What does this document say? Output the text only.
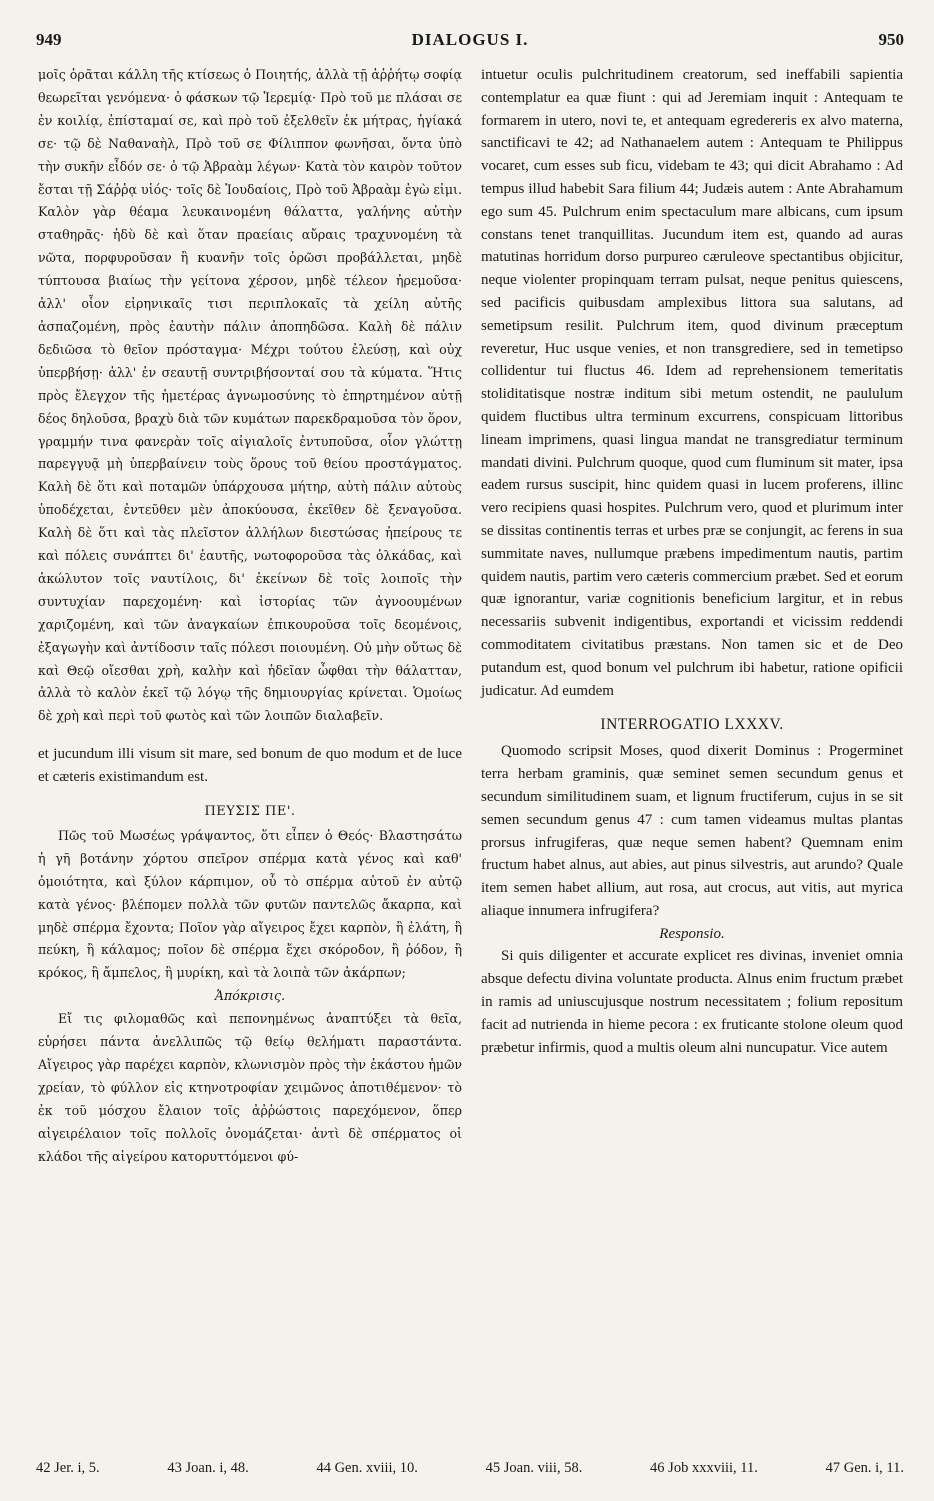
949	DIALOGUS I.	950

μοῖς ὁρᾶται κάλλη τῆς κτίσεως ὁ Ποιητής, ἀλλὰ τῇ ἀῤῥήτῳ σοφίᾳ θεωρεῖται γενόμενα· ὁ φάσκων τῷ Ἱερεμίᾳ· Πρὸ τοῦ με πλάσαι σε ἐν κοιλίᾳ, ἐπίσταμαί σε, καὶ πρὸ τοῦ ἐξελθεῖν ἐκ μήτρας, ἡγίακά σε· τῷ δὲ Ναθαναὴλ, Πρὸ τοῦ σε Φίλιππον φωνῆσαι, ὄντα ὑπὸ τὴν συκῆν εἶδόν σε· ὁ τῷ Ἀβραὰμ λέγων· Κατὰ τὸν καιρὸν τοῦτον ἔσται τῇ Σάῤῥᾳ υἱός· τοῖς δὲ Ἰουδαίοις, Πρὸ τοῦ Ἀβραὰμ ἐγὼ εἰμι. Καλὸν γὰρ θέαμα λευκαινομένη θάλαττα, γαλήνης αὐτὴν σταθηρᾶς· ἡδὺ δὲ καὶ ὅταν πραείαις αὔραις τραχυνομένη τὰ νῶτα, πορφυροῦσαν ἢ κυανῆν τοῖς ὁρῶσι προβάλλεται, μηδὲ τύπτουσα βιαίως τὴν γείτονα χέρσον, μηδὲ τέλεον ἠρεμοῦσα· ἀλλ' οἷον εἰρηνικαῖς τισι περιπλοκαῖς τὰ χείλη αὐτῆς ἀσπαζομένη, πρὸς ἑαυτὴν πάλιν ἀποπηδῶσα. Καλὴ δὲ πάλιν δεδιῶσα τὸ θεῖον πρόσταγμα· Μέχρι τούτου ἐλεύσῃ, καὶ οὐχ ὑπερβήσῃ· ἀλλ' ἐν σεαυτῇ συντριβήσονταί σου τὰ κύματα. Ἥτις πρὸς ἔλεγχον τῆς ἡμετέρας ἀγνωμοσύνης τὸ ἐπηρτημένον αὐτῇ δέος δηλοῦσα, βραχὺ διὰ τῶν κυμάτων παρεκδραμοῦσα τὸν ὅρον, γραμμήν τινα φανερὰν τοῖς αἰγιαλοῖς ἐντυποῦσα, οἷον γλώττῃ παρεγγυᾷ μὴ ὑπερβαίνειν τοὺς ὅρους τοῦ θείου προστάγματος. Καλὴ δὲ ὅτι καὶ ποταμῶν ὑπάρχουσα μήτηρ, αὐτὴ πάλιν αὐτοὺς ὑποδέχεται, ἐντεῦθεν μὲν ἀποκύουσα, ἐκεῖθεν δὲ ξεναγοῦσα. Καλὴ δὲ ὅτι καὶ τὰς πλεῖστον ἀλλήλων διεστώσας ἠπείρους τε καὶ πόλεις συνάπτει δι' ἑαυτῆς, νωτοφοροῦσα τὰς ὁλκάδας, καὶ ἀκώλυτον τοῖς ναυτίλοις, δι' ἐκείνων δὲ τοῖς λοιποῖς τὴν συντυχίαν παρεχομένη· καὶ ἱστορίας τῶν ἀγνοουμένων χαριζομένη, καὶ τῶν ἀναγκαίων ἐπικουροῦσα τοῖς δεομένοις, ἐξαγωγὴν καὶ ἀντίδοσιν ταῖς πόλεσι ποιουμένη. Οὐ μὴν οὕτως δὲ καὶ Θεῷ οἴεσθαι χρὴ, καλὴν καὶ ἡδεῖαν ὦφθαι τὴν θάλατταν, ἀλλὰ τὸ καλὸν ἐκεῖ τῷ λόγῳ τῆς δημιουργίας κρίνεται. Ὁμοίως δὲ χρὴ καὶ περὶ τοῦ φωτὸς καὶ τῶν λοιπῶν διαλαβεῖν.

et jucundum illi visum sit mare, sed bonum de quo modum et de luce et cæteris existimandum est.

ΠΕΥΣΙΣ ΠΕ'.

Πῶς τοῦ Μωσέως γράψαντος, ὅτι εἶπεν ὁ Θεός· Βλαστησάτω ἡ γῆ βοτάνην χόρτου σπεῖρον σπέρμα κατὰ γένος καὶ καθ' ὁμοιότητα, καὶ ξύλον κάρπιμον, οὗ τὸ σπέρμα αὐτοῦ ἐν αὐτῷ κατὰ γένος· βλέπομεν πολλὰ τῶν φυτῶν παντελῶς ἄκαρπα, καὶ μηδὲ σπέρμα ἔχοντα; Ποῖον γὰρ αἴγειρος ἔχει καρπὸν, ἢ ἐλάτη, ἢ πεύκη, ἢ κάλαμος; ποῖον δὲ σπέρμα ἔχει σκόροδον, ἢ ῥόδον, ἢ κρόκος, ἢ ἄμπελος, ἢ μυρίκη, καὶ τὰ λοιπὰ τῶν ἀκάρπων;

Ἀπόκρισις.

Εἴ τις φιλομαθῶς καὶ πεπονημένως ἀναπτύξει τὰ θεῖα, εὑρήσει πάντα ἀνελλιπῶς τῷ θείῳ θελήματι παραστάντα. Αἴγειρος γὰρ παρέχει καρπὸν, κλωνισμὸν πρὸς τὴν ἑκάστου ἡμῶν χρείαν, τὸ φύλλον εἰς κτηνοτροφίαν χειμῶνος ἀποτιθέμενον· τὸ ἐκ τοῦ μόσχου ἔλαιον τοῖς ἀῤῥώστοις παρεχόμενον, ὅπερ αἰγειρέλαιον τοῖς πολλοῖς ὀνομάζεται· ἀντὶ δὲ σπέρματος οἱ κλάδοι τῆς αἰγείρου κατορυττόμενοι φύ-

intuetur oculis pulchritudinem creatorum, sed ineffabili sapientia contemplatur ea quæ fiunt : qui ad Jeremiam inquit : Antequam te formarem in utero, novi te, et antequam egredereris ex alvo materna, sanctificavi te 42; ad Nathanaelem autem : Antequam te Philippus vocaret, cum esses sub ficu, videbam te 43; qui dicit Abrahamo : Ad tempus illud habebit Sara filium 44; Judæis autem : Ante Abrahamum ego sum 45. Pulchrum enim spectaculum mare albicans, cum ipsum constans tenet tranquillitas. Jucundum item est, quando ad auras matutinas horridum dorso purpureo cæruleove spectantibus objicitur, neque violenter propinquam terram pulsat, neque penitus quiescens, sed pacificis quibusdam amplexibus littora sua salutans, ad semetipsum resilit. Pulchrum item, quod divinum præceptum reveretur, Huc usque venies, et non transgrediere, sed in temetipso collidentur tui fluctus 46. Idem ad reprehensionem temeritatis stoliditatisque nostræ inditum sibi metum ostendit, ne paululum quidem fluctibus ultra terminum excurrens, conspicuam littoribus lineam imprimens, quasi lingua mandat ne transgrediatur terminum mandati divini. Pulchrum quoque, quod cum fluminum sit mater, ipsa eadem rursus suscipit, hinc quidem quasi in lucem proferens, illinc vero recipiens quasi hospites. Pulchrum vero, quod et plurimum inter se dissitas continentis terras et urbes præ se conjungit, ac ferens in sua summitate naves, nullumque præbens impedimentum nautis, partim quidem nautis, partim vero cæteris commercium præbet. Sed et eorum quæ ignorantur, variæ cognitionis beneficium largitur, et in rebus necessariis subvenit indigentibus, exportandi et vicissim reddendi commoditatem civitatibus præstans. Non tamen sic et de Deo putandum est, quod bonum vel pulchrum ibi habetur, ratione opificii judicatur. Ad eumdem

INTERROGATIO LXXXV.

Quomodo scripsit Moses, quod dixerit Dominus : Progerminet terra herbam graminis, quæ seminet semen secundum genus et secundum similitudinem suam, et lignum fructiferum, cujus in se sit semen secundum genus 47 : cum tamen videamus multas plantas prorsus infrugiferas, quæ neque semen habent? Quemnam enim fructum habet alnus, aut abies, aut pinus silvestris, aut arundo? Quale item semen habet allium, aut rosa, aut crocus, aut vitis, aut myrica aliaque innumera infrugifera?

Responsio.

Si quis diligenter et accurate explicet res divinas, inveniet omnia absque defectu divina voluntate producta. Alnus enim fructum præbet in ramis ad uniuscujusque nostrum necessitatem ; folium repositum facit ad nutrienda in hieme pecora : ex fruticante stolone oleum quod præbetur infirmis, quod a multis oleum alni nuncupatur. Vice autem

42 Jer. i, 5.	43 Joan. i, 48.	44 Gen. xviii, 10.	45 Joan. viii, 58.	46 Job xxxviii, 11.	47 Gen. i, 11.
